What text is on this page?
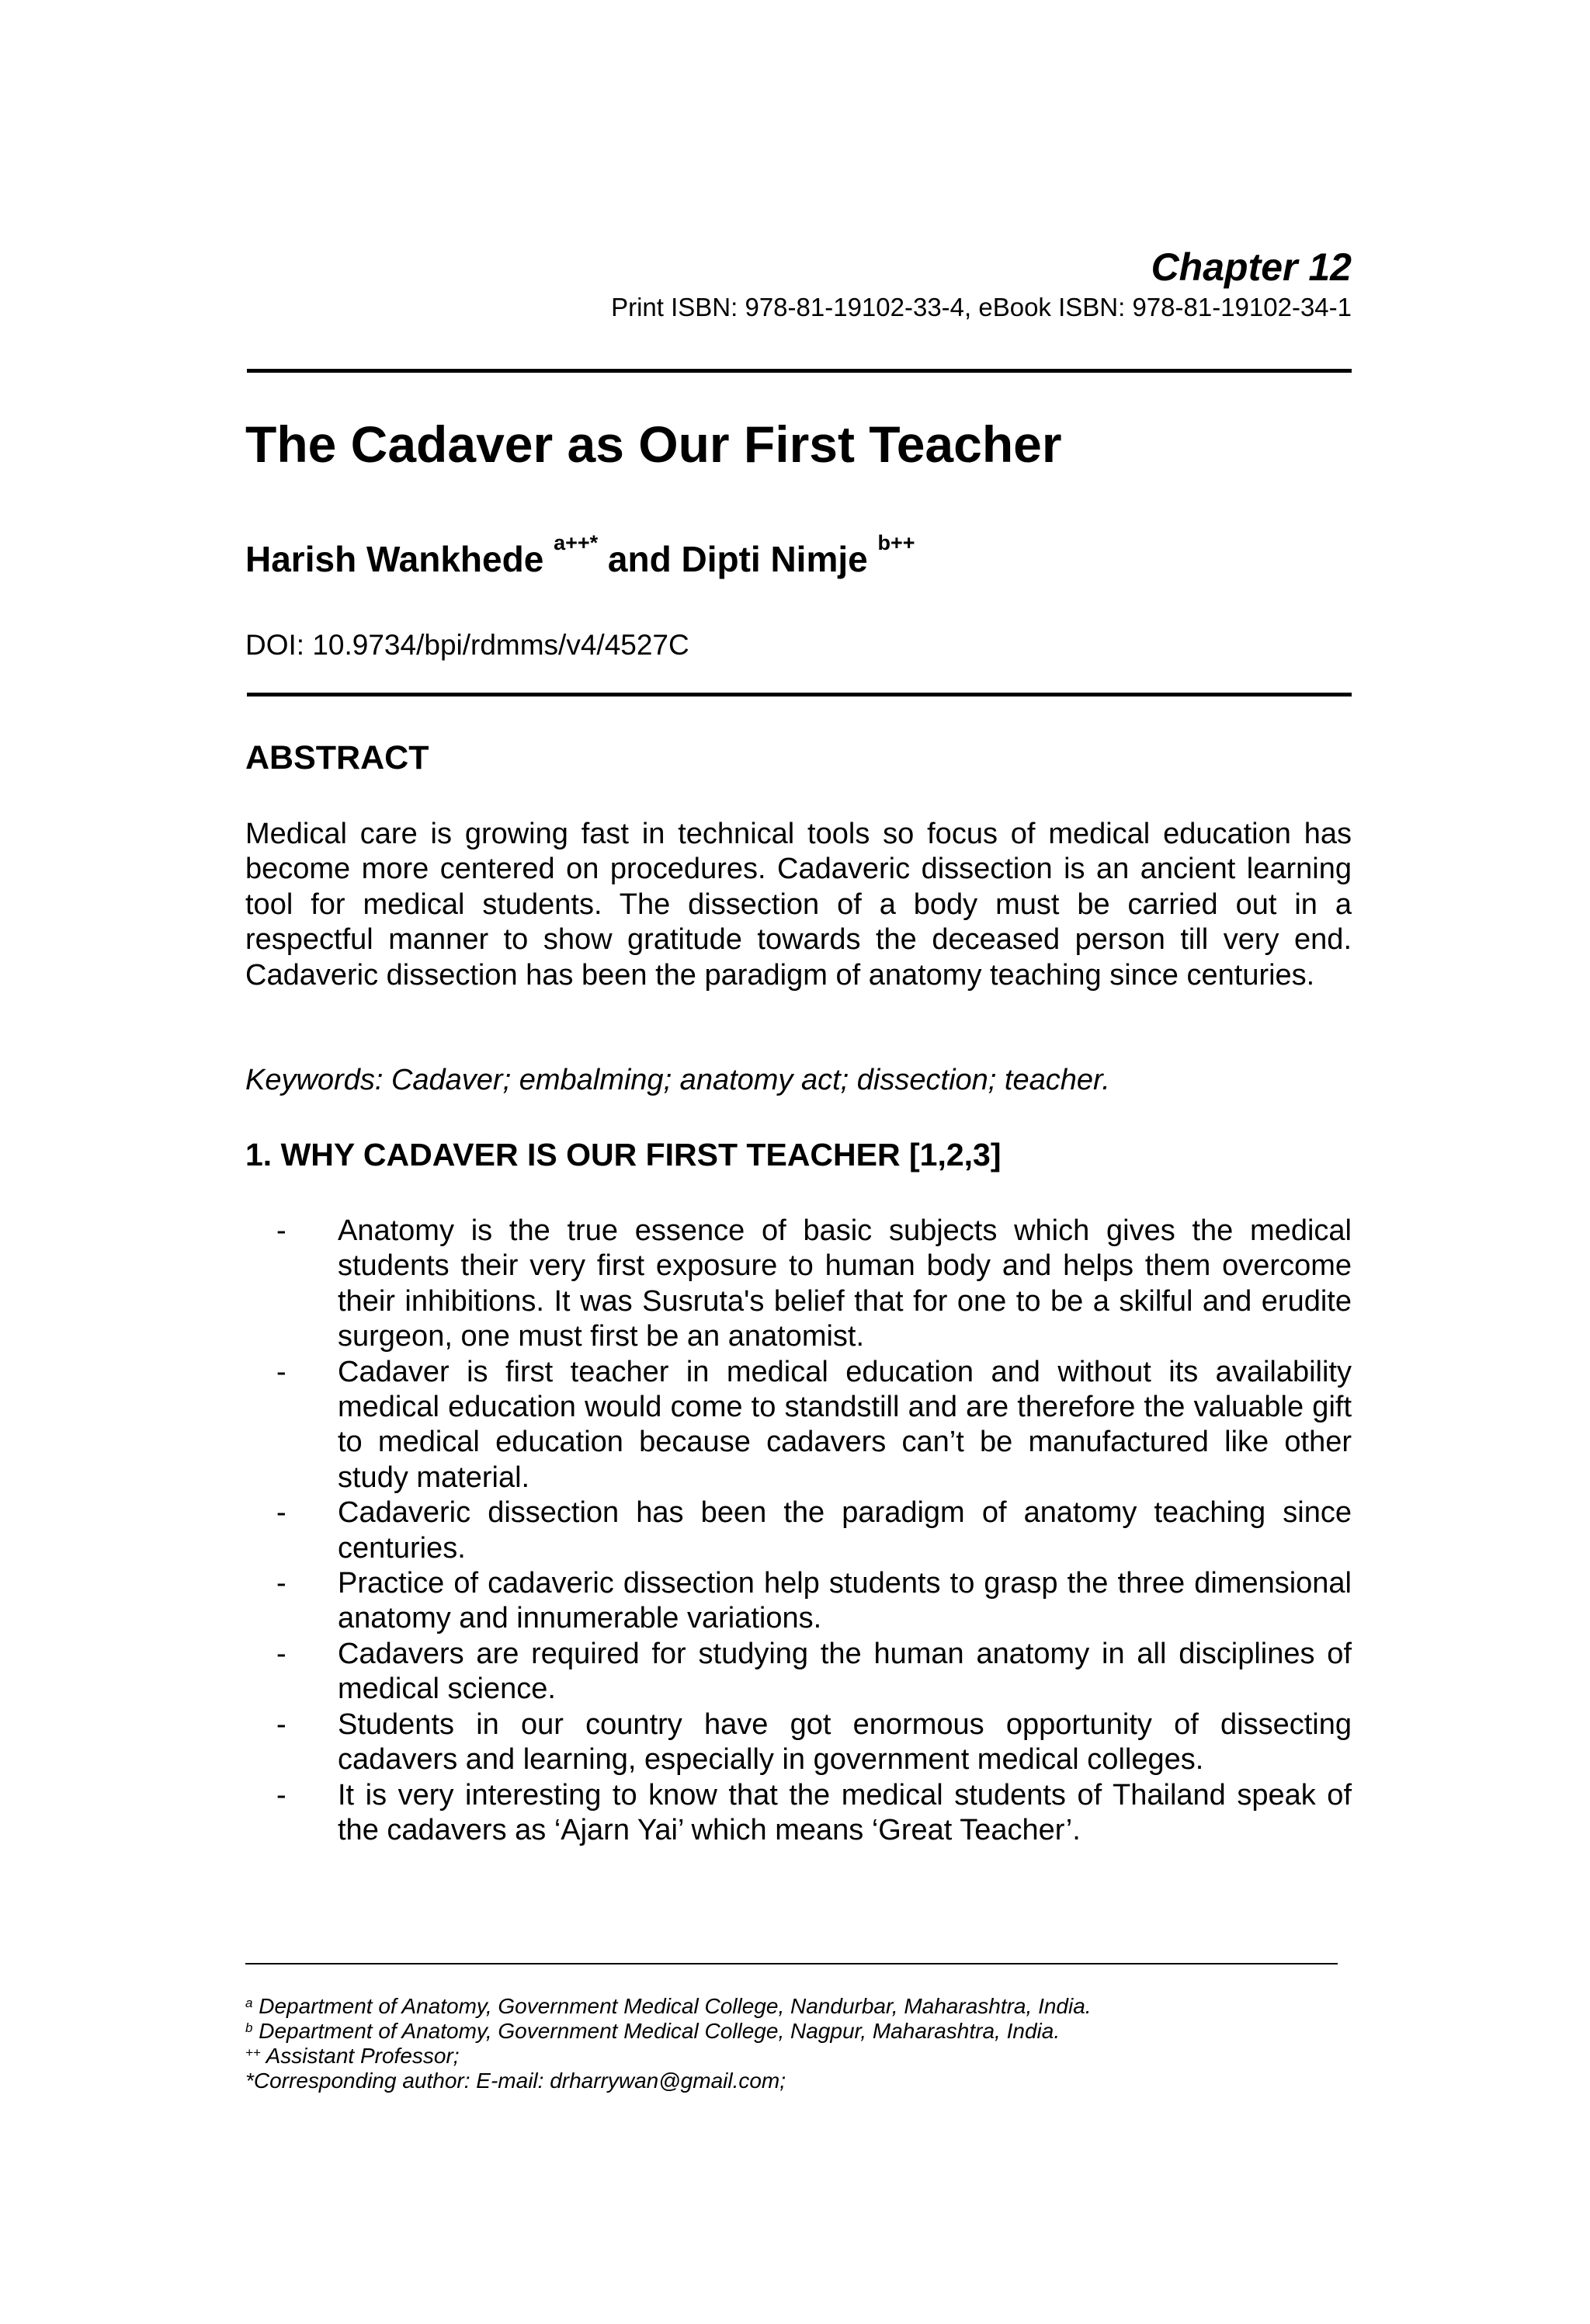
Chapter 12
Print ISBN: 978-81-19102-33-4, eBook ISBN: 978-81-19102-34-1
The Cadaver as Our First Teacher
Harish Wankhede $^{a++*}$ and Dipti Nimje $^{b++}$
DOI: 10.9734/bpi/rdmms/v4/4527C
ABSTRACT

Medical care is growing fast in technical tools so focus of medical education has become more centered on procedures. Cadaveric dissection is an ancient learning tool for medical students. The dissection of a body must be carried out in a respectful manner to show gratitude towards the deceased person till very end. Cadaveric dissection has been the paradigm of anatomy teaching since centuries.

Keywords: Cadaver; embalming; anatomy act; dissection; teacher.
1. WHY CADAVER IS OUR FIRST TEACHER [1,2,3]
- Anatomy is the true essence of basic subjects which gives the medical students their very first exposure to human body and helps them overcome their inhibitions. It was Susruta's belief that for one to be a skilful and erudite surgeon, one must first be an anatomist.
- Cadaver is first teacher in medical education and without its availability medical education would come to standstill and are therefore the valuable gift to medical education because cadavers can’t be manufactured like other study material.
- Cadaveric dissection has been the paradigm of anatomy teaching since centuries.
- Practice of cadaveric dissection help students to grasp the three dimensional anatomy and innumerable variations.
- Cadavers are required for studying the human anatomy in all disciplines of medical science.
- Students in our country have got enormous opportunity of dissecting cadavers and learning, especially in government medical colleges.
- It is very interesting to know that the medical students of Thailand speak of the cadavers as ‘Ajarn Yai’ which means ‘Great Teacher’.
$^a$ Department of Anatomy, Government Medical College, Nandurbar, Maharashtra, India.
$^b$ Department of Anatomy, Government Medical College, Nagpur, Maharashtra, India.
++ Assistant Professor;
*Corresponding author: E-mail: drharrywan@gmail.com;
